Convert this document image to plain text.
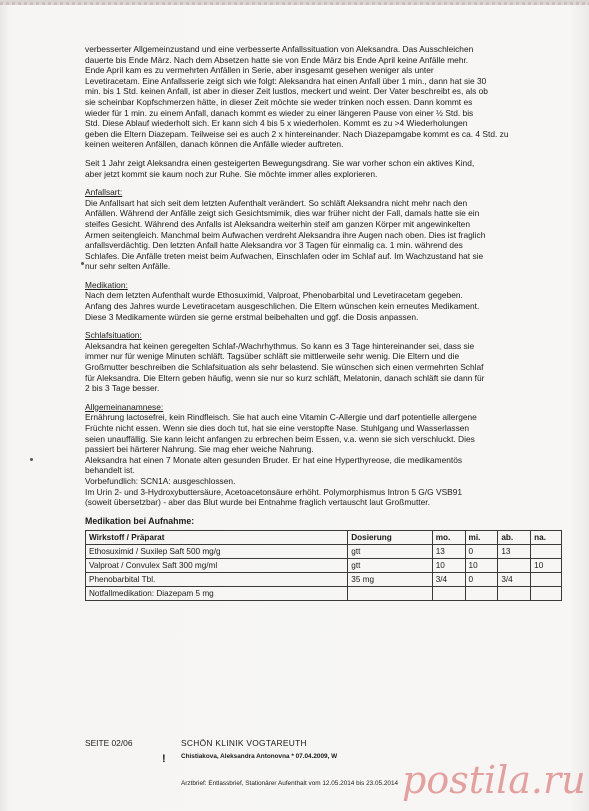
verbesserter Allgemeinzustand und eine verbesserte Anfallssituation von Aleksandra. Das Ausschleichen

dauerte bis Ende März. Nach dem Absetzen hatte sie von Ende März bis Ende April keine Anfälle mehr.

Ende April kam es zu vermehrten Anfällen in Serie, aber insgesamt gesehen weniger als unter

Levetiracetam. Eine Anfallsserie zeigt sich wie folgt: Aleksandra hat einen Anfall über 1 min., dann hat sie 30

min. bis 1 Std. keinen Anfall, ist aber in dieser Zeit lustlos, meckert und weint. Der Vater beschreibt es, als ob

sie scheinbar Kopfschmerzen hätte, in dieser Zeit möchte sie weder trinken noch essen. Dann kommt es

wieder für 1 min. zu einem Anfall, danach kommt es wieder zu einer längeren Pause von einer ½ Std. bis

Std. Diese Ablauf wiederholt sich. Er kann sich 4 bis 5 x wiederholen. Kommt es zu >4 Wiederholungen

geben die Eltern Diazepam. Teilweise sei es auch 2 x hintereinander. Nach Diazepamgabe kommt es ca. 4 Std. zu

keinen weiteren Anfällen, danach können die Anfälle wieder auftreten.

Seit 1 Jahr zeigt Aleksandra einen gesteigerten Bewegungsdrang. Sie war vorher schon ein aktives Kind,

aber jetzt kommt sie kaum noch zur Ruhe. Sie möchte immer alles explorieren.

Anfallsart:

Die Anfallsart hat sich seit dem letzten Aufenthalt verändert. So schläft Aleksandra nicht mehr nach den

Anfällen. Während der Anfälle zeigt sich Gesichtsmimik, dies war früher nicht der Fall, damals hatte sie ein

steifes Gesicht. Während des Anfalls ist Aleksandra weiterhin steif am ganzen Körper mit angewinkelten

Armen seitengleich. Manchmal beim Aufwachen verdreht Aleksandra ihre Augen nach oben. Dies ist fraglich

anfallsverdächtig. Den letzten Anfall hatte Aleksandra vor 3 Tagen für einmalig ca. 1 min. während des

Schlafes. Die Anfälle treten meist beim Aufwachen, Einschlafen oder im Schlaf auf. Im Wachzustand hat sie

nur sehr selten Anfälle.

Medikation:

Nach dem letzten Aufenthalt wurde Ethosuximid, Valproat, Phenobarbital und Levetiracetam gegeben.

Anfang des Jahres wurde Levetiracetam ausgeschlichen. Die Eltern wünschen kein erneutes Medikament.

Diese 3 Medikamente würden sie gerne erstmal beibehalten und ggf. die Dosis anpassen.

Schlafsituation:

Aleksandra hat keinen geregelten Schlaf-/Wachrhythmus. So kann es 3 Tage hintereinander sei, dass sie

immer nur für wenige Minuten schläft. Tagsüber schläft sie mittlerweile sehr wenig. Die Eltern und die

Großmutter beschreiben die Schlafsituation als sehr belastend. Sie wünschen sich einen vermehrten Schlaf

für Aleksandra. Die Eltern geben häufig, wenn sie nur so kurz schläft, Melatonin, danach schläft sie dann für

2 bis 3 Tage besser.

Allgemeinanamnese:

Ernährung lactosefrei, kein Rindfleisch. Sie hat auch eine Vitamin C-Allergie und darf potentielle allergene

Früchte nicht essen. Wenn sie dies doch tut, hat sie eine verstopfte Nase. Stuhlgang und Wasserlassen

seien unauffällig. Sie kann leicht anfangen zu erbrechen beim Essen, v.a. wenn sie sich verschluckt. Dies

passiert bei härterer Nahrung. Sie mag eher weiche Nahrung.

Aleksandra hat einen 7 Monate alten gesunden Bruder. Er hat eine Hyperthyreose, die medikamentös

behandelt ist.

Vorbefundlich: SCN1A: ausgeschlossen.

Im Urin 2- und 3-Hydroxybuttersäure, Acetoacetonsäure erhöht. Polymorphismus Intron 5 G/G VSB91

(soweit übersetzbar) - aber das Blut wurde bei Entnahme fraglich vertauscht laut Großmutter.

Medikation bei Aufnahme:

Wirkstoff / Präparat	Dosierung	mo.	mi.	ab.	na.
Ethosuximid / Suxilep Saft 500 mg/g	gtt	13	0	13	
Valproat / Convulex Saft 300 mg/ml	gtt	10	10		10
Phenobarbital Tbl.	35 mg	3/4	0	3/4	
Notfallmedikation: Diazepam 5 mg					
SEITE 02/06	SCHÖN KLINIK VOGTAREUTH
! Chistiakova, Aleksandra Antonovna * 07.04.2009, W
Arztbrief: Entlassbrief, Stationärer Aufenthalt vom 12.05.2014 bis 23.05.2014 postila.ru
